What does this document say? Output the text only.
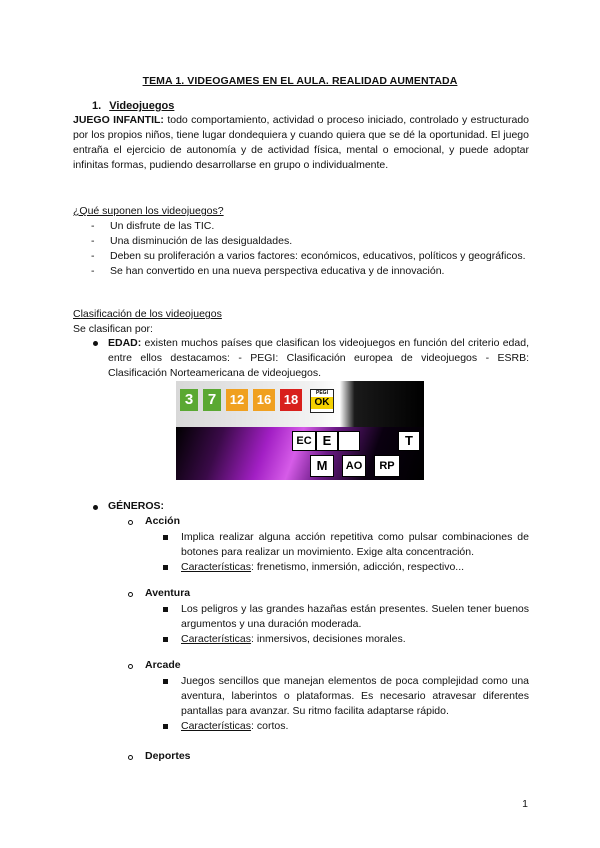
TEMA 1. VIDEOGAMES EN EL AULA. REALIDAD AUMENTADA
1. Videojuegos
JUEGO INFANTIL: todo comportamiento, actividad o proceso iniciado, controlado y estructurado por los propios niños, tiene lugar dondequiera y cuando quiera que se dé la oportunidad. El juego entraña el ejercicio de autonomía y de actividad física, mental o emocional, y puede adoptar infinitas formas, pudiendo desarrollarse en grupo o individualmente.
¿Qué suponen los videojuegos?
- Un disfrute de las TIC.
- Una disminución de las desigualdades.
- Deben su proliferación a varios factores: económicos, educativos, políticos y geográficos.
- Se han convertido en una nueva perspectiva educativa y de innovación.
Clasificación de los videojuegos
Se clasifican por:
EDAD: existen muchos países que clasifican los videojuegos en función del criterio edad, entre ellos destacamos: - PEGI: Clasificación europea de videojuegos - ESRB: Clasificación Norteamericana de videojuegos.
3 7	12 16 18	PEGI
OK
EC E	T
M	AO	RP
GÉNEROS:
Acción
Implica realizar alguna acción repetitiva como pulsar combinaciones de botones para realizar un movimiento. Exige alta concentración.
Características: frenetismo, inmersión, adicción, respectivo...
Aventura
Los peligros y las grandes hazañas están presentes. Suelen tener buenos argumentos y una duración moderada.
Características: inmersivos, decisiones morales.
Arcade
Juegos sencillos que manejan elementos de poca complejidad como una aventura, laberintos o plataformas. Es necesario atravesar diferentes pantallas para avanzar. Su ritmo facilita adaptarse rápido.
Características: cortos.
Deportes
1
